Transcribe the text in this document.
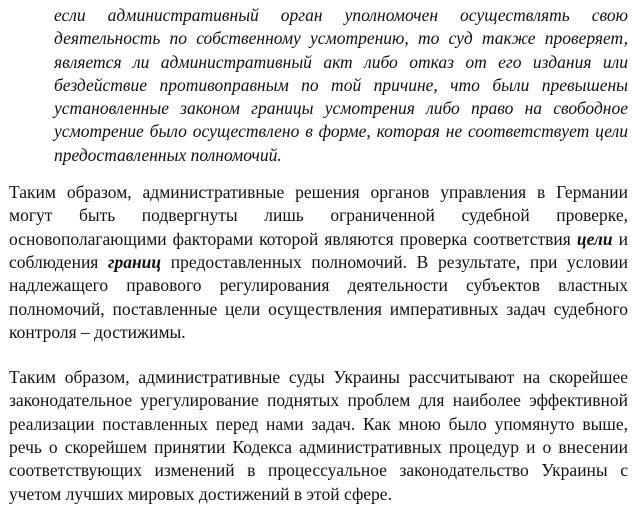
если административный орган уполномочен осуществлять свою деятельность по собственному усмотрению, то суд также проверяет, является ли административный акт либо отказ от его издания или бездействие противоправным по той причине, что были превышены установленные законом границы усмотрения либо право на свободное усмотрение было осуществлено в форме, которая не соответствует цели предоставленных полномочий.

Таким образом, административные решения органов управления в Германии могут быть подвергнуты лишь ограниченной судебной проверке, основополагающими факторами которой являются проверка соответствия цели и соблюдения границ предоставленных полномочий. В результате, при условии надлежащего правового регулирования деятельности субъектов властных полномочий, поставленные цели осуществления императивных задач судебного контроля – достижимы.

Таким образом, административные суды Украины рассчитывают на скорейшее законодательное урегулирование поднятых проблем для наиболее эффективной реализации поставленных перед нами задач. Как мною было упомянуто выше, речь о скорейшем принятии Кодекса административных процедур и о внесении соответствующих изменений в процессуальное законодательство Украины с учетом лучших мировых достижений в этой сфере.
